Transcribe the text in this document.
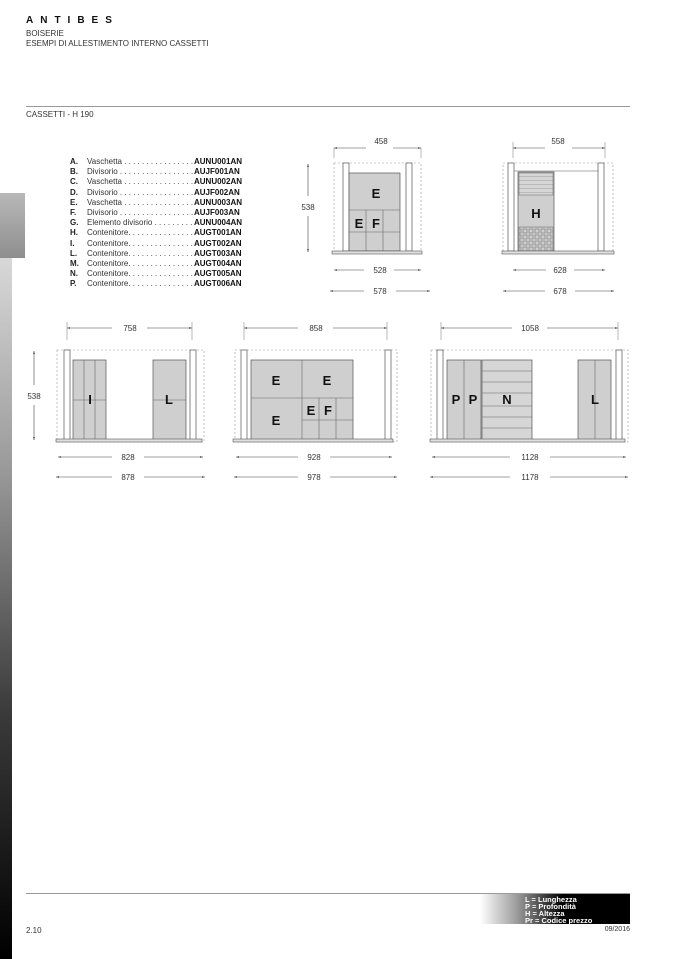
ANTIBES
BOISERIE
ESEMPI DI ALLESTIMENTO INTERNO CASSETTI
CASSETTI - H 190
A. Vaschetta . . . . . . . . . . . . . . . . AUNU001AN
B. Divisorio . . . . . . . . . . . . . . . . . AUJF001AN
C. Vaschetta . . . . . . . . . . . . . . . . AUNU002AN
D. Divisorio . . . . . . . . . . . . . . . . . AUJF002AN
E. Vaschetta . . . . . . . . . . . . . . . . AUNU003AN
F. Divisorio . . . . . . . . . . . . . . . . . AUJF003AN
G. Elemento divisorio . . . . . . . . . AUNU004AN
H. Contenitore. . . . . . . . . . . . . . . AUGT001AN
I. Contenitore. . . . . . . . . . . . . . . AUGT002AN
L. Contenitore. . . . . . . . . . . . . . . AUGT003AN
M. Contenitore. . . . . . . . . . . . . . . AUGT004AN
N. Contenitore. . . . . . . . . . . . . . . AUGT005AN
P. Contenitore. . . . . . . . . . . . . . . AUGT006AN
458
538
E
E F
528
578
558
H
628
678
758
538	I	L
828
878
858
E	E
E
E F
928
978
1058
P P N	L
1128
1178
L = Lunghezza
P = Profondità
H = Altezza
Pr = Codice prezzo
2.10	09/2016
